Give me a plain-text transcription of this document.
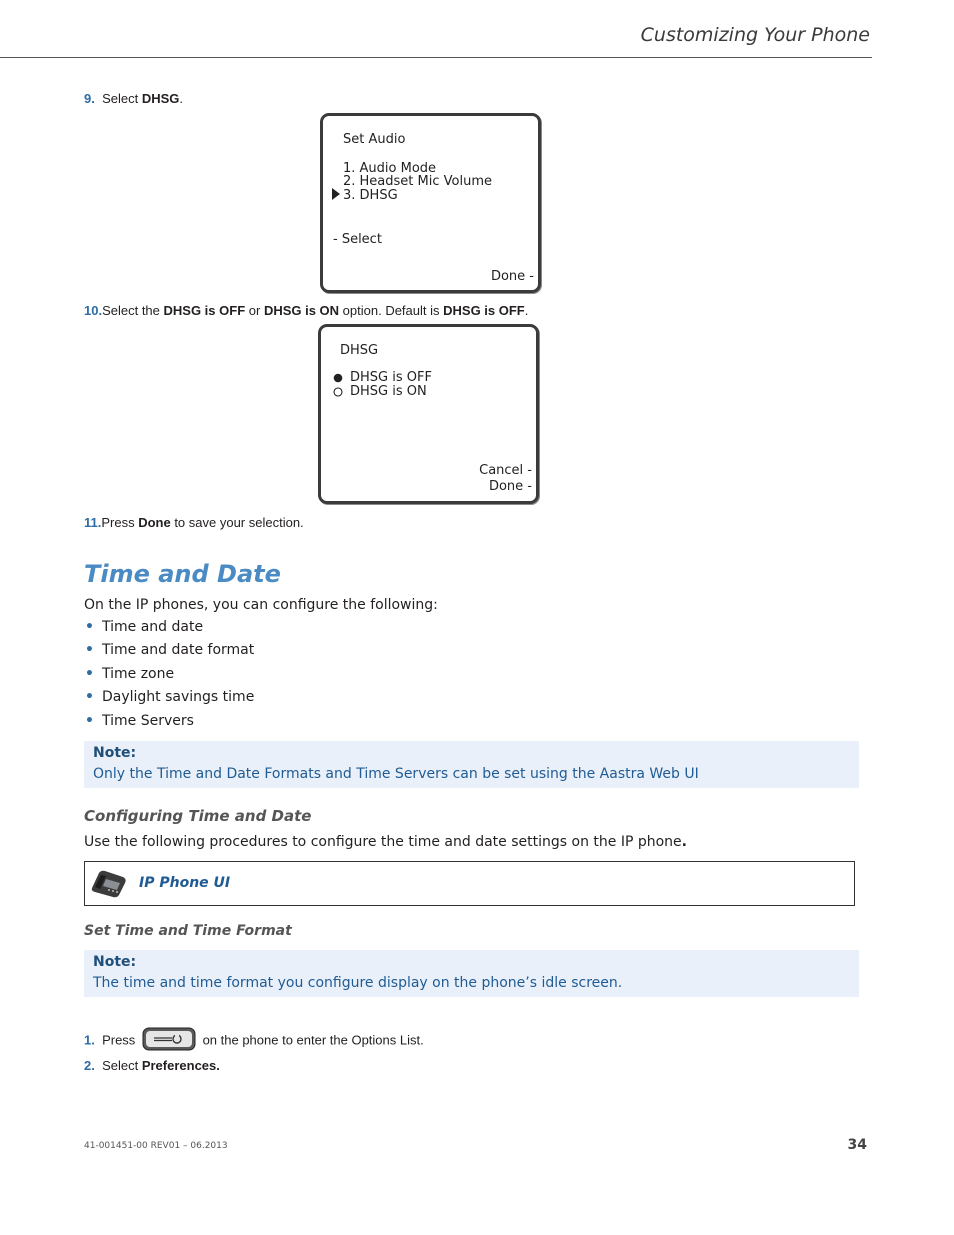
Customizing Your Phone
9. Select DHSG.
Set Audio
1. Audio Mode
2. Headset Mic Volume
3. DHSG
- Select
Done -
10.Select the DHSG is OFF or DHSG is ON option. Default is DHSG is OFF.
DHSG
DHSG is OFF
DHSG is ON
Cancel -
Done -
11.Press Done to save your selection.
Time and Date
On the IP phones, you can configure the following:
• Time and date
• Time and date format
• Time zone
• Daylight savings time
• Time Servers
Note:
Only the Time and Date Formats and Time Servers can be set using the Aastra Web UI
Configuring Time and Date
Use the following procedures to configure the time and date settings on the IP phone.
IP Phone UI
Set Time and Time Format
Note:
The time and time format you configure display on the phone’s idle screen.
1. Press	on the phone to enter the Options List.
2. Select Preferences.
41-001451-00 REV01 – 06.2013	34
